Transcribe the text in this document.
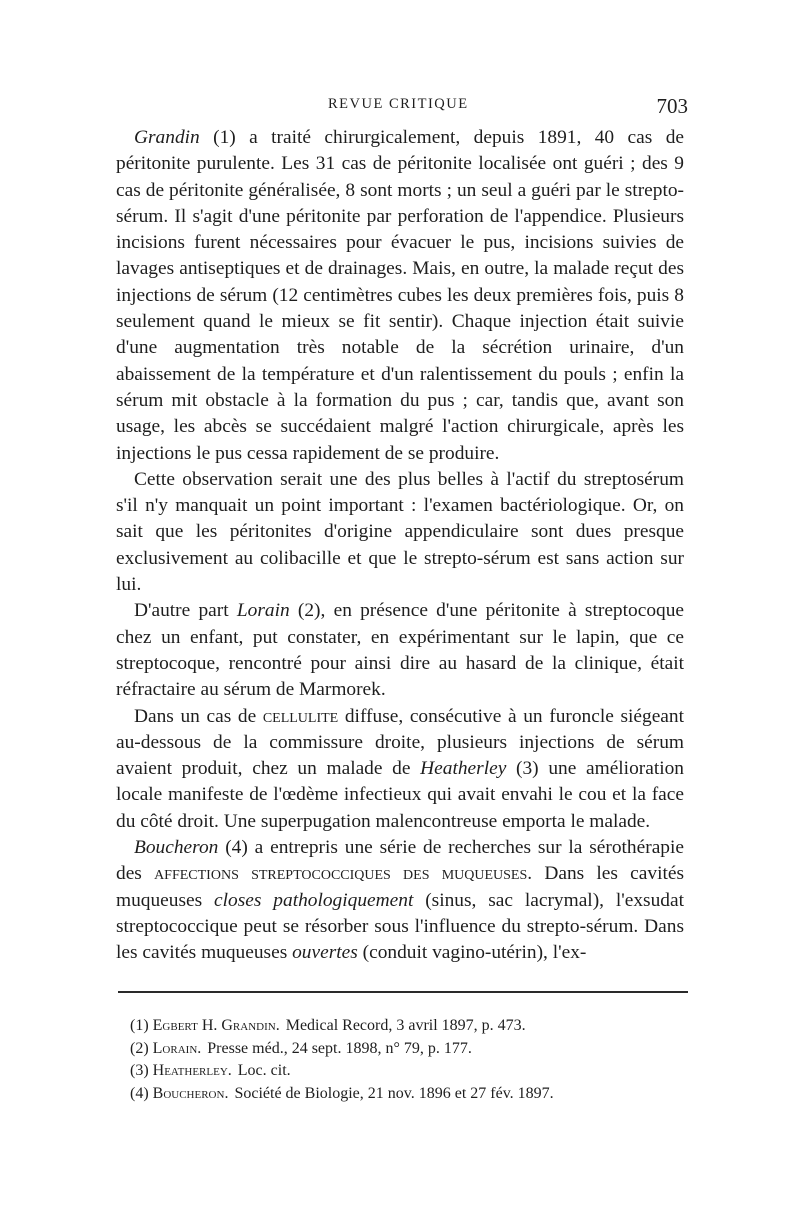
REVUE CRITIQUE	703

Grandin (1) a traité chirurgicalement, depuis 1891, 40 cas de péritonite purulente. Les 31 cas de péritonite localisée ont guéri ; des 9 cas de péritonite généralisée, 8 sont morts ; un seul a guéri par le strepto-sérum. Il s'agit d'une péritonite par perforation de l'appendice. Plusieurs incisions furent nécessaires pour évacuer le pus, incisions suivies de lavages antiseptiques et de drainages. Mais, en outre, la malade reçut des injections de sérum (12 centimètres cubes les deux premières fois, puis 8 seulement quand le mieux se fit sentir). Chaque injection était suivie d'une augmentation très notable de la sécrétion urinaire, d'un abaissement de la température et d'un ralentissement du pouls ; enfin la sérum mit obstacle à la formation du pus ; car, tandis que, avant son usage, les abcès se succédaient malgré l'action chirurgicale, après les injections le pus cessa rapidement de se produire.

Cette observation serait une des plus belles à l'actif du streptosérum s'il n'y manquait un point important : l'examen bactériologique. Or, on sait que les péritonites d'origine appendiculaire sont dues presque exclusivement au colibacille et que le strepto-sérum est sans action sur lui.

D'autre part Lorain (2), en présence d'une péritonite à streptocoque chez un enfant, put constater, en expérimentant sur le lapin, que ce streptocoque, rencontré pour ainsi dire au hasard de la clinique, était réfractaire au sérum de Marmorek.

Dans un cas de cellulite diffuse, consécutive à un furoncle siégeant au-dessous de la commissure droite, plusieurs injections de sérum avaient produit, chez un malade de Heatherley (3) une amélioration locale manifeste de l'œdème infectieux qui avait envahi le cou et la face du côté droit. Une superpugation malencontreuse emporta le malade.

Boucheron (4) a entrepris une série de recherches sur la sérothérapie des affections streptococciques des muqueuses. Dans les cavités muqueuses closes pathologiquement (sinus, sac lacrymal), l'exsudat streptococcique peut se résorber sous l'influence du strepto-sérum. Dans les cavités muqueuses ouvertes (conduit vagino-utérin), l'ex-

(1) Egbert H. Grandin. Medical Record, 3 avril 1897, p. 473.
(2) Lorain. Presse méd., 24 sept. 1898, n° 79, p. 177.
(3) Heatherley. Loc. cit.
(4) Boucheron. Société de Biologie, 21 nov. 1896 et 27 fév. 1897.
